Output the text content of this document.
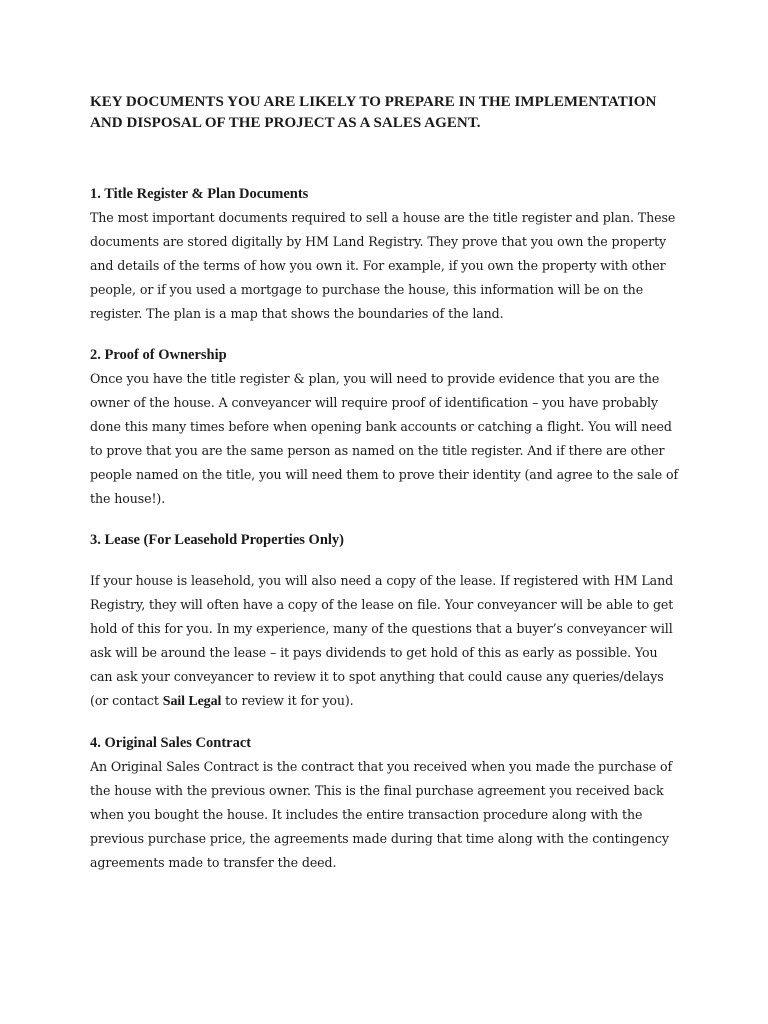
KEY DOCUMENTS YOU ARE LIKELY TO PREPARE IN THE IMPLEMENTATION AND DISPOSAL OF THE PROJECT AS A SALES AGENT.
1. Title Register & Plan Documents

The most important documents required to sell a house are the title register and plan. These documents are stored digitally by HM Land Registry. They prove that you own the property and details of the terms of how you own it. For example, if you own the property with other people, or if you used a mortgage to purchase the house, this information will be on the register. The plan is a map that shows the boundaries of the land.

2. Proof of Ownership

Once you have the title register & plan, you will need to provide evidence that you are the owner of the house. A conveyancer will require proof of identification – you have probably done this many times before when opening bank accounts or catching a flight. You will need to prove that you are the same person as named on the title register. And if there are other people named on the title, you will need them to prove their identity (and agree to the sale of the house!).

3. Lease (For Leasehold Properties Only)

If your house is leasehold, you will also need a copy of the lease. If registered with HM Land Registry, they will often have a copy of the lease on file. Your conveyancer will be able to get hold of this for you. In my experience, many of the questions that a buyer’s conveyancer will ask will be around the lease – it pays dividends to get hold of this as early as possible. You can ask your conveyancer to review it to spot anything that could cause any queries/delays (or contact Sail Legal to review it for you).

4. Original Sales Contract

An Original Sales Contract is the contract that you received when you made the purchase of the house with the previous owner. This is the final purchase agreement you received back when you bought the house. It includes the entire transaction procedure along with the previous purchase price, the agreements made during that time along with the contingency agreements made to transfer the deed.
